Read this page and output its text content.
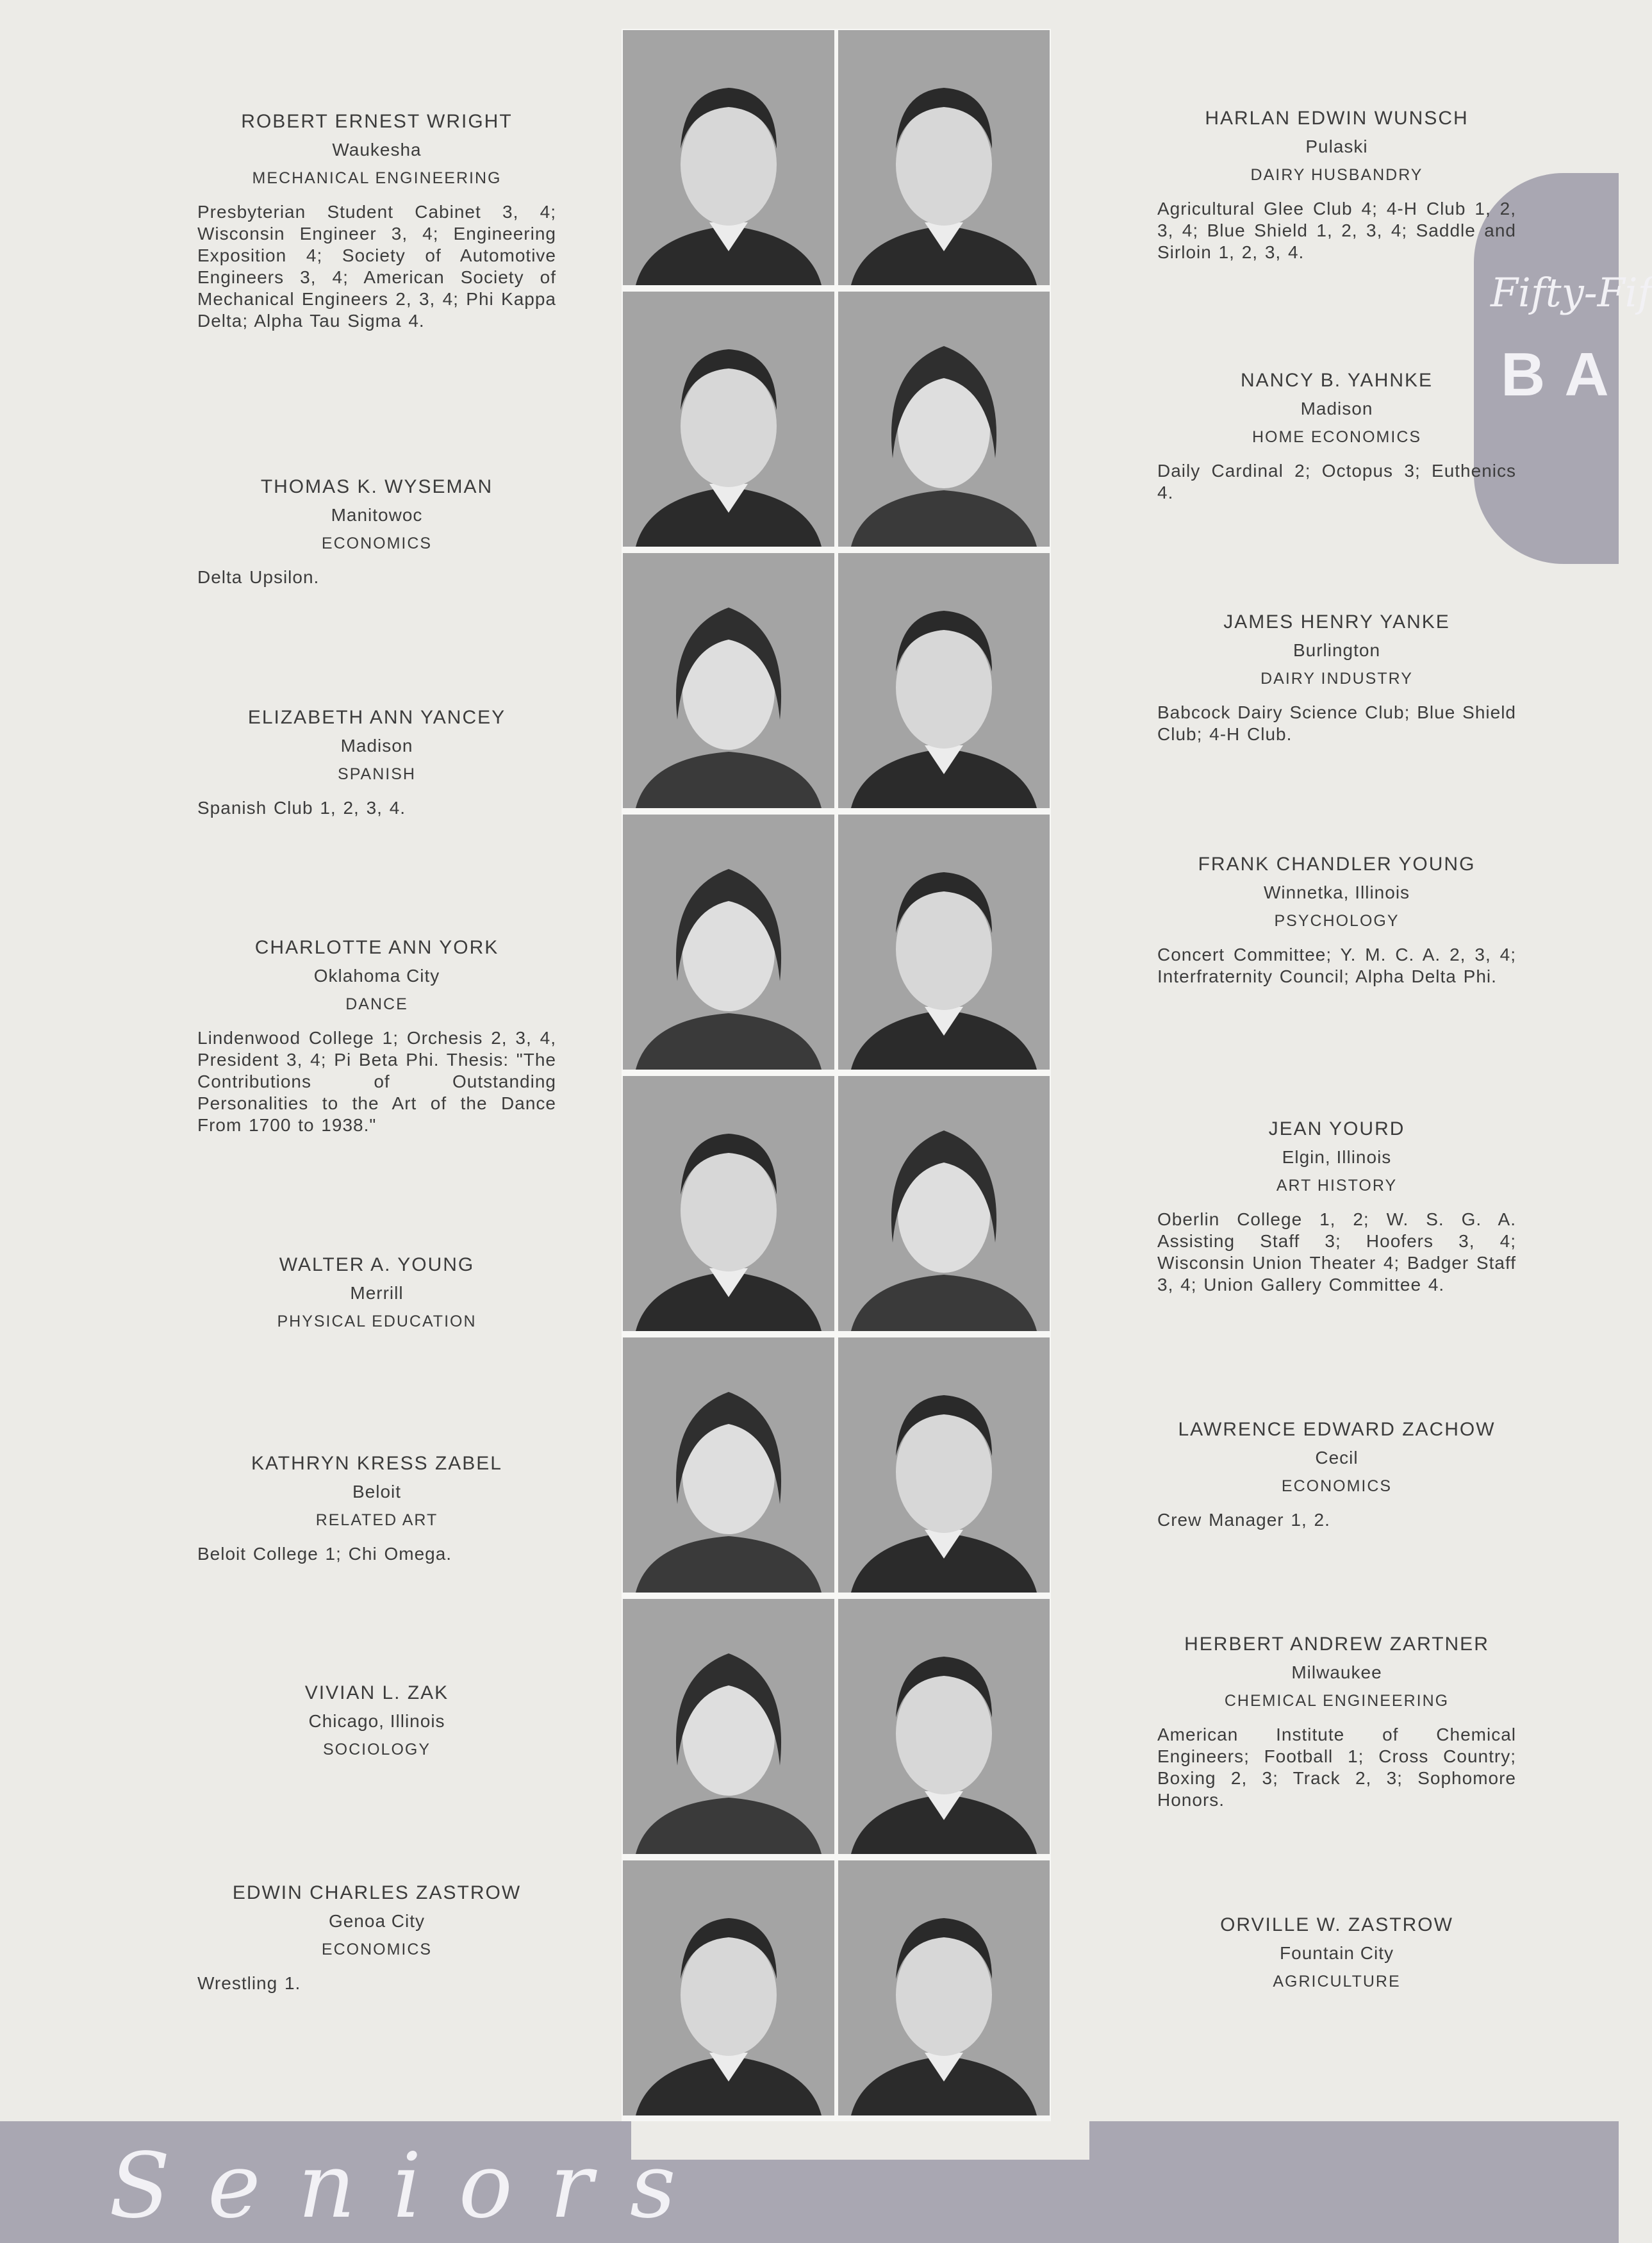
Fifty-Fif
BA
ROBERT ERNEST WRIGHT
Waukesha
MECHANICAL ENGINEERING
Presbyterian Student Cabinet 3, 4; Wisconsin Engineer 3, 4; Engineering Exposition 4; Society of Automotive Engineers 3, 4; American Society of Mechanical Engineers 2, 3, 4; Phi Kappa Delta; Alpha Tau Sigma 4.
THOMAS K. WYSEMAN
Manitowoc
ECONOMICS
Delta Upsilon.
ELIZABETH ANN YANCEY
Madison
SPANISH
Spanish Club 1, 2, 3, 4.
CHARLOTTE ANN YORK
Oklahoma City
DANCE
Lindenwood College 1; Orchesis 2, 3, 4, President 3, 4; Pi Beta Phi. Thesis: "The Contributions of Outstanding Personalities to the Art of the Dance From 1700 to 1938."
WALTER A. YOUNG
Merrill
PHYSICAL EDUCATION
KATHRYN KRESS ZABEL
Beloit
RELATED ART
Beloit College 1; Chi Omega.
VIVIAN L. ZAK
Chicago, Illinois
SOCIOLOGY
EDWIN CHARLES ZASTROW
Genoa City
ECONOMICS
Wrestling 1.
HARLAN EDWIN WUNSCH
Pulaski
DAIRY HUSBANDRY
Agricultural Glee Club 4; 4-H Club 1, 2, 3, 4; Blue Shield 1, 2, 3, 4; Saddle and Sirloin 1, 2, 3, 4.
NANCY B. YAHNKE
Madison
HOME ECONOMICS
Daily Cardinal 2; Octopus 3; Euthenics 4.
JAMES HENRY YANKE
Burlington
DAIRY INDUSTRY
Babcock Dairy Science Club; Blue Shield Club; 4-H Club.
FRANK CHANDLER YOUNG
Winnetka, Illinois
PSYCHOLOGY
Concert Committee; Y. M. C. A. 2, 3, 4; Interfraternity Council; Alpha Delta Phi.
JEAN YOURD
Elgin, Illinois
ART HISTORY
Oberlin College 1, 2; W. S. G. A. Assisting Staff 3; Hoofers 3, 4; Wisconsin Union Theater 4; Badger Staff 3, 4; Union Gallery Committee 4.
LAWRENCE EDWARD ZACHOW
Cecil
ECONOMICS
Crew Manager 1, 2.
HERBERT ANDREW ZARTNER
Milwaukee
CHEMICAL ENGINEERING
American Institute of Chemical Engineers; Football 1; Cross Country; Boxing 2, 3; Track 2, 3; Sophomore Honors.
ORVILLE W. ZASTROW
Fountain City
AGRICULTURE
Seniors
